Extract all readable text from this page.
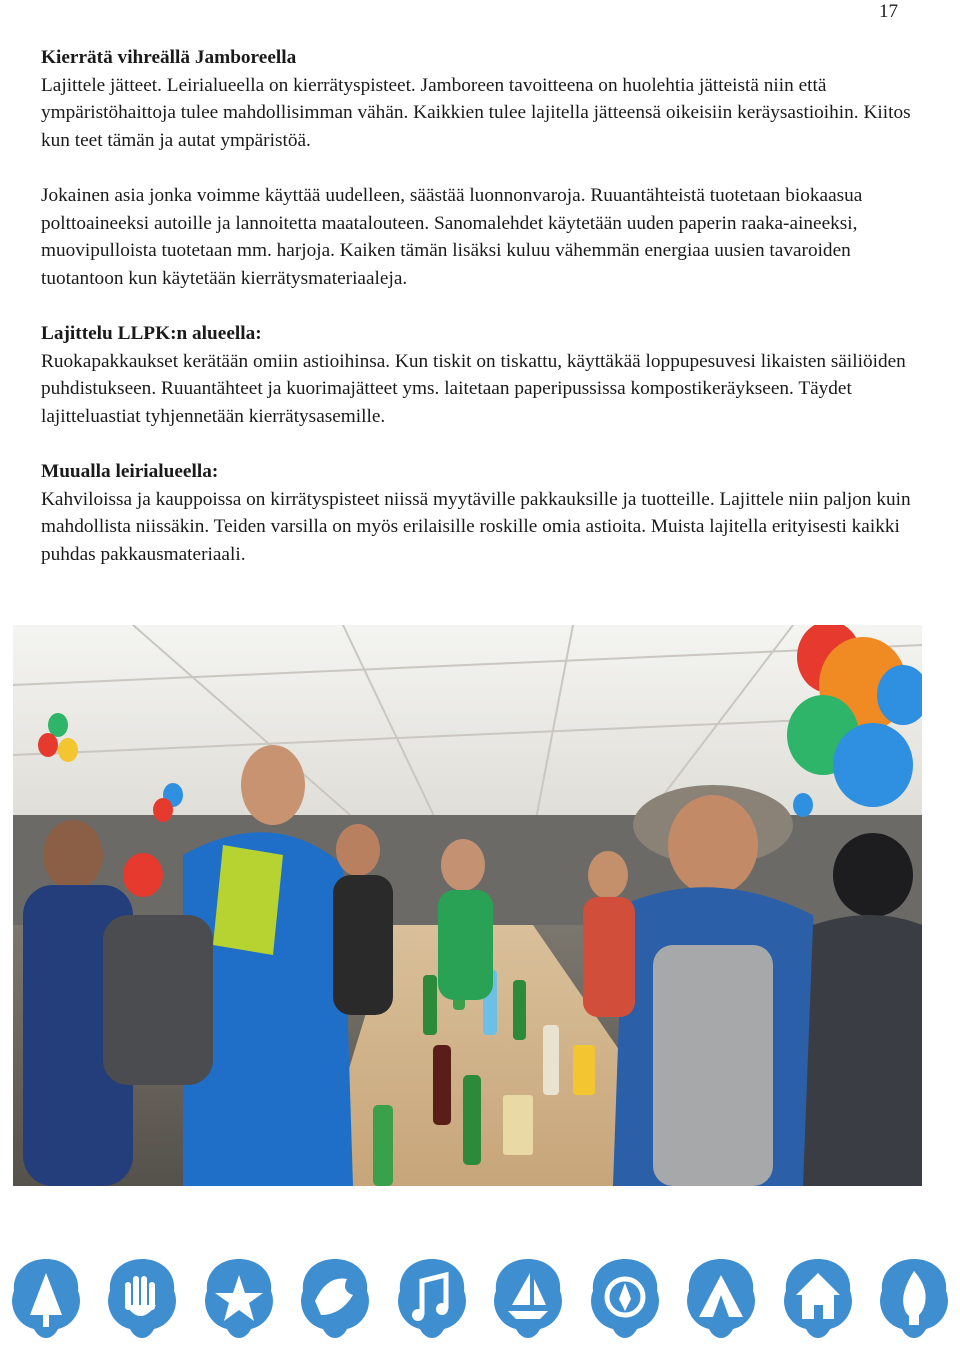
17

Kierrätä vihreällä Jamboreella

Lajittele jätteet. Leirialueella on kierrätyspisteet. Jamboreen tavoitteena on huolehtia jätteistä niin että ympäristöhaittoja tulee mahdollisimman vähän. Kaikkien tulee lajitella jätteensä oikeisiin keräysastioihin. Kiitos kun teet tämän ja autat ympäristöä.

Jokainen asia jonka voimme käyttää uudelleen, säästää luonnonvaroja. Ruuantähteistä tuotetaan biokaasua polttoaineeksi autoille ja lannoitetta maatalouteen. Sanomalehdet käytetään uuden paperin raaka-aineeksi, muovipulloista tuotetaan mm. harjoja. Kaiken tämän lisäksi kuluu vähemmän energiaa uusien tavaroiden tuotantoon kun käytetään kierrätysmateriaaleja.

Lajittelu LLPK:n alueella:

Ruokapakkaukset kerätään omiin astioihinsa. Kun tiskit on tiskattu, käyttäkää loppupesuvesi likaisten säiliöiden puhdistukseen. Ruuantähteet ja kuorimajätteet yms. laitetaan paperipussissa kompostikeräykseen. Täydet lajitteluastiat tyhjennetään kierrätysasemille.

Muualla leirialueella:

Kahviloissa ja kauppoissa on kirrätyspisteet niissä myytäville pakkauksille ja tuotteille. Lajittele niin paljon kuin mahdollista niissäkin. Teiden varsilla on myös erilaisille roskille omia astioita. Muista lajitella erityisesti kaikki puhdas pakkausmateriaali.
